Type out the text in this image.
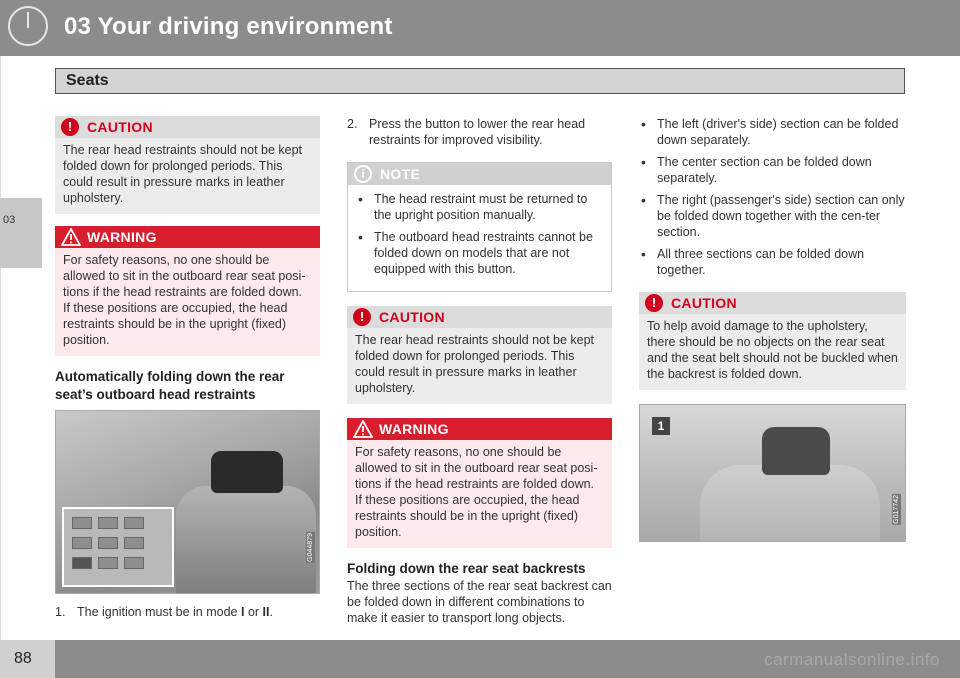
03 Your driving environment
Seats
03
!	CAUTION

The rear head restraints should not be kept folded down for prolonged periods. This could result in pressure marks in leather upholstery.

WARNING

For safety reasons, no one should be allowed to sit in the outboard rear seat posi-tions if the head restraints are folded down. If these positions are occupied, the head restraints should be in the upright (fixed) position.

Automatically folding down the rear seat’s outboard head restraints
G044879
1. The ignition must be in mode I or II.

2. Press the button to lower the rear head restraints for improved visibility.

i	NOTE
• The head restraint must be returned to the upright position manually.
• The outboard head restraints cannot be folded down on models that are not equipped with this button.
!	CAUTION

The rear head restraints should not be kept folded down for prolonged periods. This could result in pressure marks in leather upholstery.

WARNING

For safety reasons, no one should be allowed to sit in the outboard rear seat posi-tions if the head restraints are folded down. If these positions are occupied, the head restraints should be in the upright (fixed) position.

Folding down the rear seat backrests

The three sections of the rear seat backrest can be folded down in different combinations to make it easier to transport long objects.

• The left (driver's side) section can be folded down separately.
• The center section can be folded down separately.
• The right (passenger's side) section can only be folded down together with the cen-ter section.
• All three sections can be folded down together.
!	CAUTION

To help avoid damage to the upholstery, there should be no objects on the rear seat and the seat belt should not be buckled when the backrest is folded down.

1
G017742
carmanualsonline.info
88
